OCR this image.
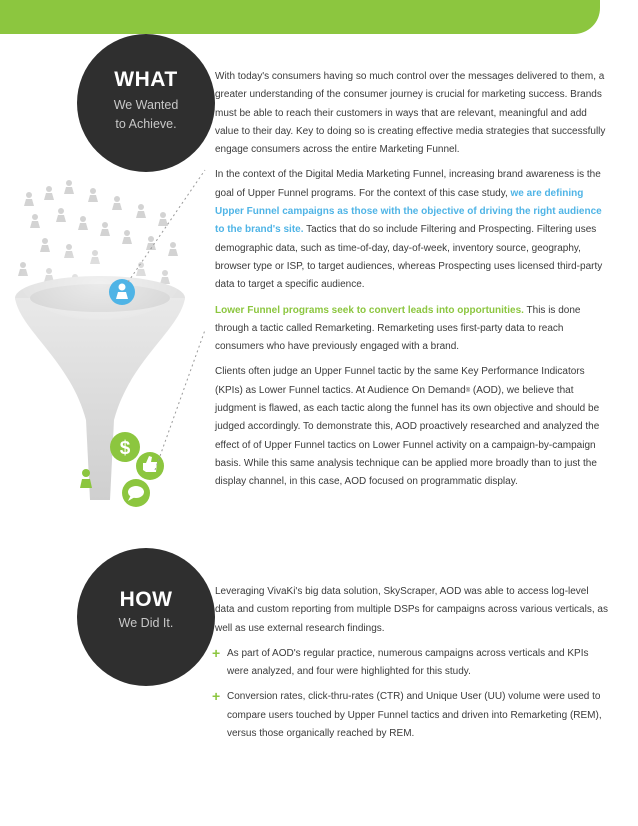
$
WHAT
We Wanted
to Achieve.

With today's consumers having so much control over the messages delivered to them, a greater understanding of the consumer journey is crucial for marketing success. Brands must be able to reach their customers in ways that are relevant, meaningful and add value to their day. Key to doing so is creating effective media strategies that successfully engage consumers across the entire Marketing Funnel.

In the context of the Digital Media Marketing Funnel, increasing brand awareness is the goal of Upper Funnel programs. For the context of this case study, we are defining Upper Funnel campaigns as those with the objective of driving the right audience to the brand's site. Tactics that do so include Filtering and Prospecting. Filtering uses demographic data, such as time-of-day, day-of-week, inventory source, geography, browser type or ISP, to target audiences, whereas Prospecting uses licensed third-party data to target a specific audience.

Lower Funnel programs seek to convert leads into opportunities. This is done through a tactic called Remarketing. Remarketing uses first-party data to reach consumers who have previously engaged with a brand.

Clients often judge an Upper Funnel tactic by the same Key Performance Indicators (KPIs) as Lower Funnel tactics. At Audience On Demand® (AOD), we believe that judgment is flawed, as each tactic along the funnel has its own objective and should be judged accordingly. To demonstrate this, AOD proactively researched and analyzed the effect of of Upper Funnel tactics on Lower Funnel activity on a campaign-by-campaign basis. While this same analysis technique can be applied more broadly than to just the display channel, in this case, AOD focused on programmatic display.

HOW
We Did It.

Leveraging VivaKi's big data solution, SkyScraper, AOD was able to access log-level data and custom reporting from multiple DSPs for campaigns across various verticals, as well as use external research findings.

+ As part of AOD's regular practice, numerous campaigns across verticals and KPIs were analyzed, and four were highlighted for this study.
+ Conversion rates, click-thru-rates (CTR) and Unique User (UU) volume were used to compare users touched by Upper Funnel tactics and driven into Remarketing (REM), versus those organically reached by REM.
